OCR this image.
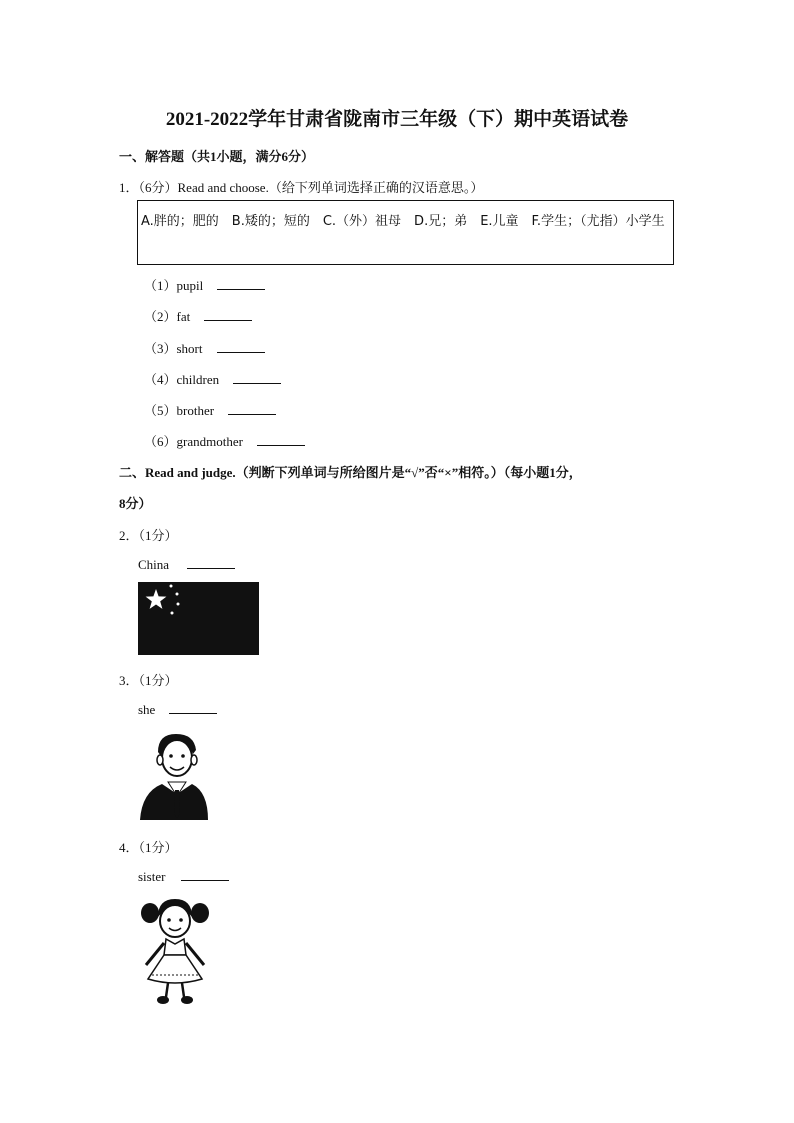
2021-2022学年甘肃省陇南市三年级（下）期中英语试卷
一、解答题（共1小题，满分6分）
1．（6分）Read and choose.（给下列单词选择正确的汉语意思。）
A.胖的；肥的　B.矮的；短的　C.（外）祖母　D.兄；弟　E.儿童　F.学生；（尤指）小学生
（1）pupil
（2）fat
（3）short
（4）children
（5）brother
（6）grandmother
二、Read and judge.（判断下列单词与所给图片是“√”否“×”相符。）（每小题1分，
8分）
2．（1分）
China
3．（1分）
she
4．（1分）
sister
